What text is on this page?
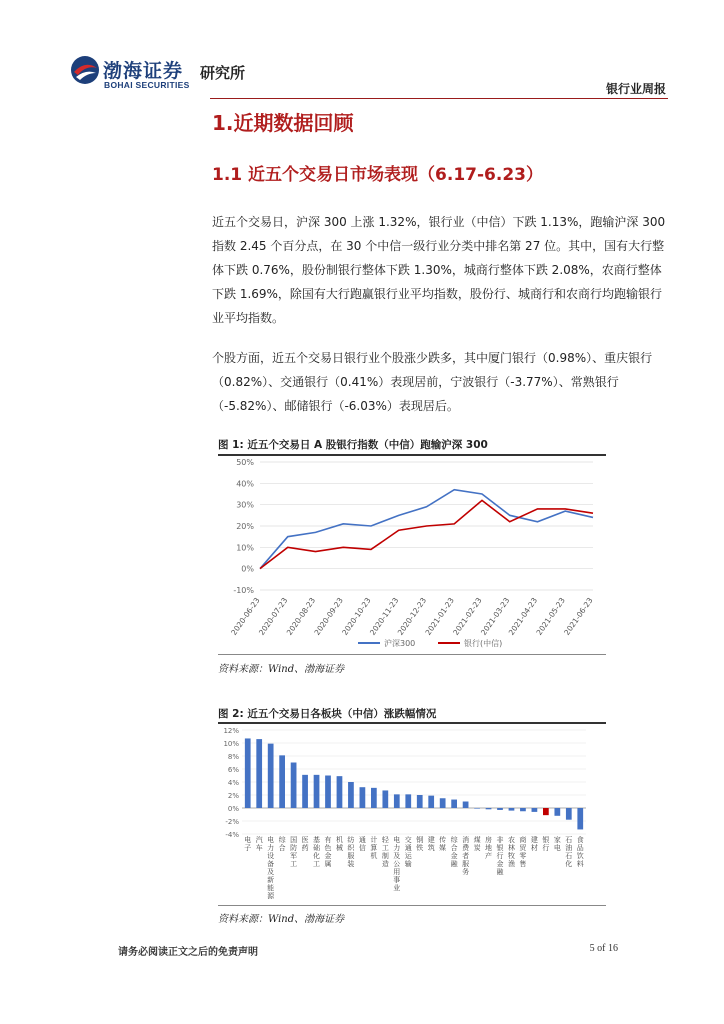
渤海证券
BOHAI SECURITIES
研究所
银行业周报
1.近期数据回顾
1.1 近五个交易日市场表现（6.17-6.23）
近五个交易日，沪深 300 上涨 1.32%，银行业（中信）下跌 1.13%，跑输沪深 300 指数 2.45 个百分点，在 30 个中信一级行业分类中排名第 27 位。其中，国有大行整体下跌 0.76%，股份制银行整体下跌 1.30%，城商行整体下跌 2.08%，农商行整体下跌 1.69%，除国有大行跑赢银行业平均指数，股份行、城商行和农商行均跑输银行业平均指数。
个股方面，近五个交易日银行业个股涨少跌多，其中厦门银行（0.98%）、重庆银行（0.82%）、交通银行（0.41%）表现居前，宁波银行（-3.77%）、常熟银行（-5.82%）、邮储银行（-6.03%）表现居后。
图 1: 近五个交易日 A 股银行指数（中信）跑输沪深 300
50%
40%
30%
20%
10%
0%
-10%
2020-06-23
2020-07-23
2020-08-23
2020-09-23
2020-10-23
2020-11-23
2020-12-23
2021-01-23
2021-02-23
2021-03-23
2021-04-23
2021-05-23
2021-06-23
沪深300	银行(中信)
资料来源：Wind、渤海证券
图 2: 近五个交易日各板块（中信）涨跌幅情况
12%
10%
8%
6%
4%
2%
0%
-2%
-4%
电子
汽车
电力设备及新能源
综合
国防军工
医药
基础化工
有色金属
机械
纺织服装
通信
计算机
轻工制造
电力及公用事业
交通运输
钢铁
建筑
传媒
综合金融
消费者服务
煤炭
房地产
非银行金融
农林牧渔
商贸零售
建材
银行
家电
石油石化
食品饮料
资料来源：Wind、渤海证券
请务必阅读正文之后的免责声明	5 of 16
